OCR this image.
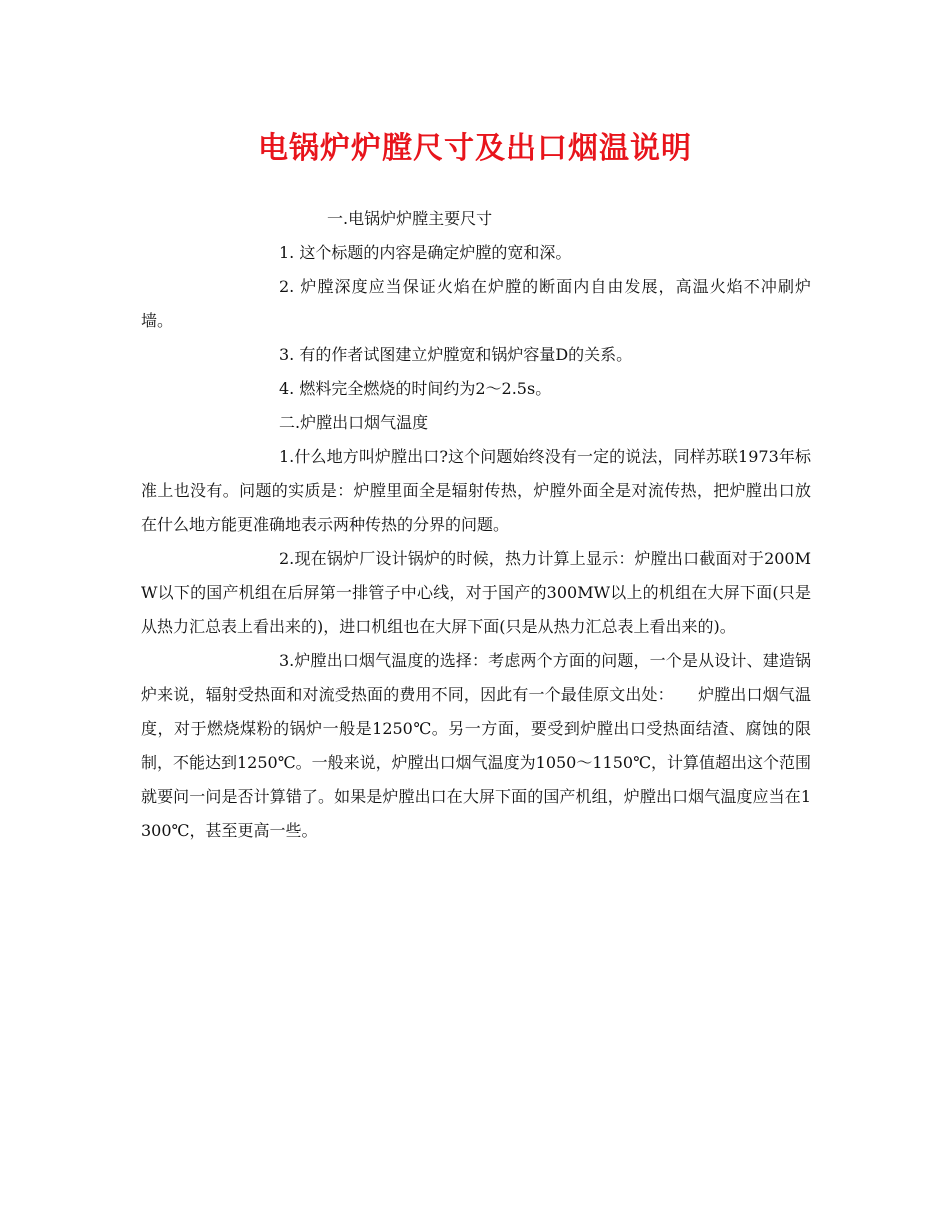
电锅炉炉膛尺寸及出口烟温说明

一.电锅炉炉膛主要尺寸

1. 这个标题的内容是确定炉膛的宽和深。

2. 炉膛深度应当保证火焰在炉膛的断面内自由发展，高温火焰不冲刷炉墙。

3. 有的作者试图建立炉膛宽和锅炉容量D的关系。

4. 燃料完全燃烧的时间约为2～2.5s。

二.炉膛出口烟气温度

1.什么地方叫炉膛出口?这个问题始终没有一定的说法，同样苏联1973年标准上也没有。问题的实质是：炉膛里面全是辐射传热，炉膛外面全是对流传热，把炉膛出口放在什么地方能更准确地表示两种传热的分界的问题。

2.现在锅炉厂设计锅炉的时候，热力计算上显示：炉膛出口截面对于200MW以下的国产机组在后屏第一排管子中心线，对于国产的300MW以上的机组在大屏下面(只是从热力汇总表上看出来的)，进口机组也在大屏下面(只是从热力汇总表上看出来的)。

3.炉膛出口烟气温度的选择：考虑两个方面的问题，一个是从设计、建造锅炉来说，辐射受热面和对流受热面的费用不同，因此有一个最佳原文出处：　　炉膛出口烟气温度，对于燃烧煤粉的锅炉一般是1250℃。另一方面，要受到炉膛出口受热面结渣、腐蚀的限制，不能达到1250℃。一般来说，炉膛出口烟气温度为1050～1150℃，计算值超出这个范围就要问一问是否计算错了。如果是炉膛出口在大屏下面的国产机组，炉膛出口烟气温度应当在1300℃，甚至更高一些。
